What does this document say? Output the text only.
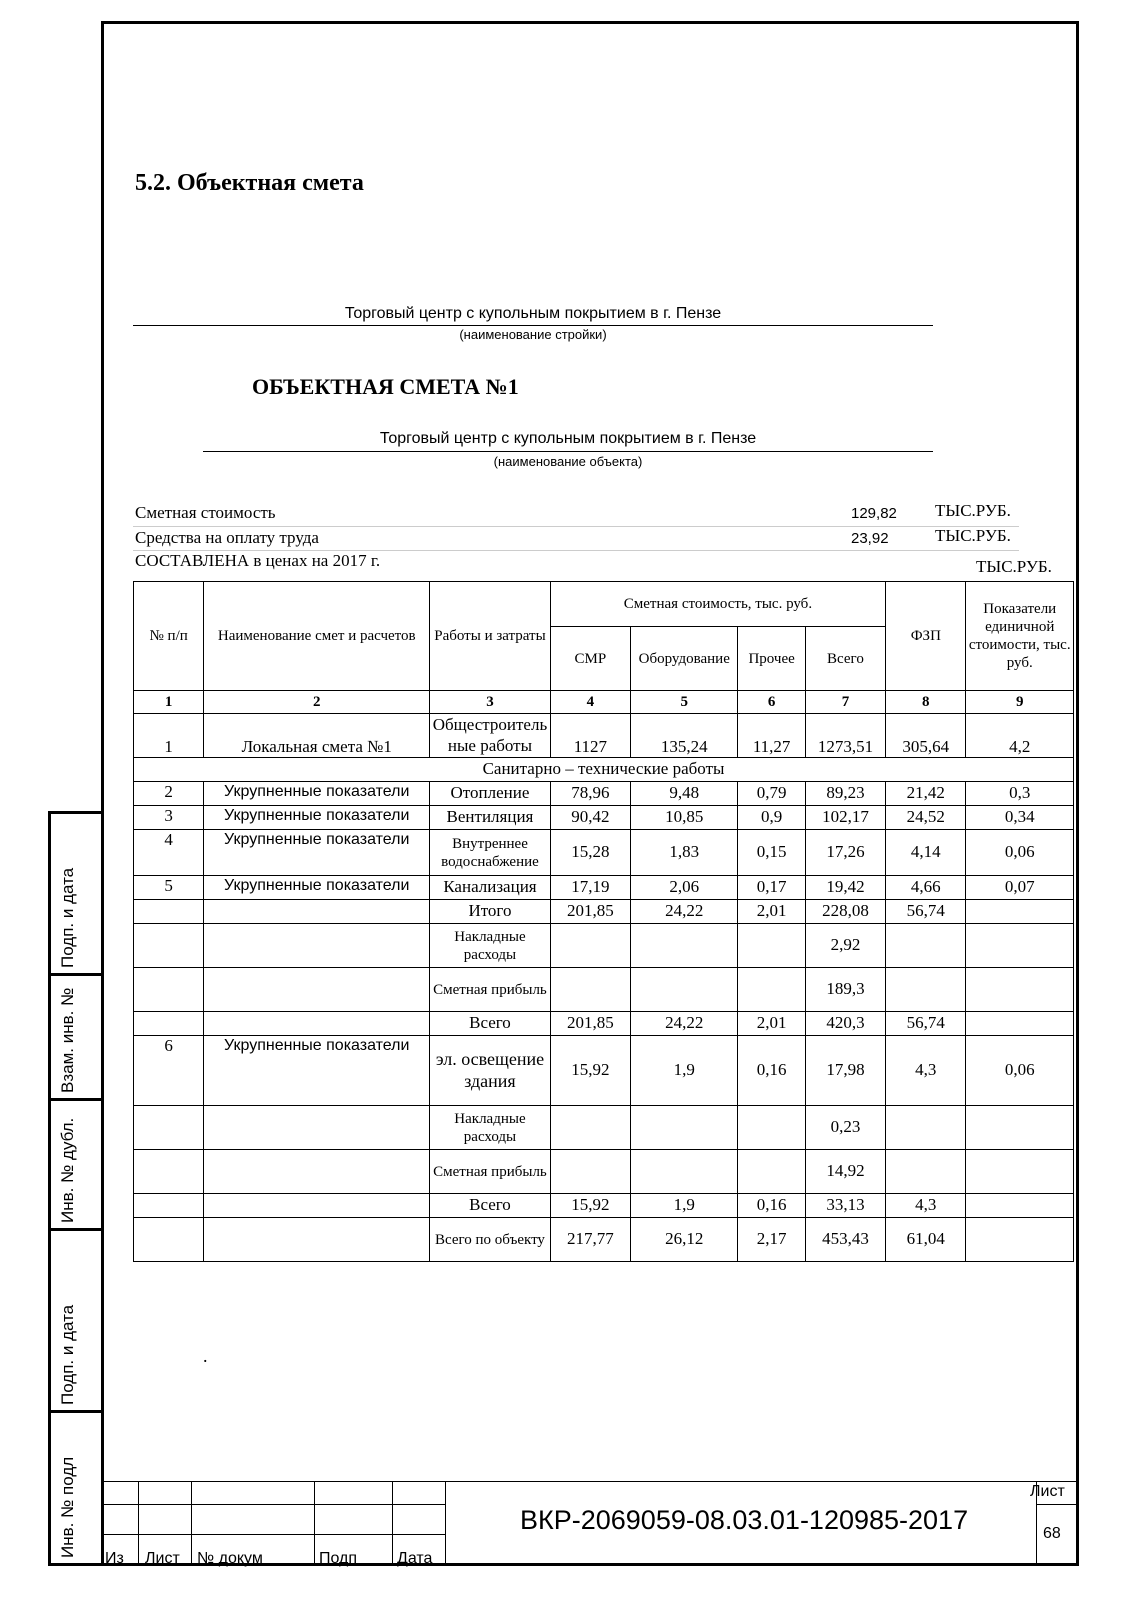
Подп. и дата
Взам. инв. №
Инв. № дубл.
Подп. и дата
Инв. № подл
5.2. Объектная смета
Торговый центр с купольным покрытием в г. Пензе
(наименование стройки)
ОБЪЕКТНАЯ СМЕТА №1
Торговый центр с купольным покрытием в г. Пензе
(наименование объекта)
Сметная стоимость	129,82 ТЫС.РУБ.
Средства на оплату труда	23,92	ТЫС.РУБ.
СОСТАВЛЕНА в ценах на 2017 г.	ТЫС.РУБ.
№ п/п	Наименование смет и расчетов	Работы и затраты	Сметная стоимость, тыс. руб.				ФЗП	Показатели единичной стоимости, тыс. руб.
			СМР	Оборудование	Прочее	Всего		
1	2	3	4	5	6	7	8	9
1	Локальная смета №1	Общестроительные работы	1127	135,24	11,27	1273,51	305,64	4,2
Санитарно – технические работы								
2	Укрупненные показатели	Отопление	78,96	9,48	0,79	89,23	21,42	0,3
3	Укрупненные показатели	Вентиляция	90,42	10,85	0,9	102,17	24,52	0,34
4	Укрупненные показатели	Внутреннее водоснабжение	15,28	1,83	0,15	17,26	4,14	0,06
5	Укрупненные показатели	Канализация	17,19	2,06	0,17	19,42	4,66	0,07
		Итого	201,85	24,22	2,01	228,08	56,74	
		Накладные расходы				2,92		
		Сметная прибыль				189,3		
		Всего	201,85	24,22	2,01	420,3	56,74	
6	Укрупненные показатели	эл. освещение здания	15,92	1,9	0,16	17,98	4,3	0,06
		Накладные расходы				0,23		
		Сметная прибыль				14,92		
		Всего	15,92	1,9	0,16	33,13	4,3	
		Всего по объекту	217,77	26,12	2,17	453,43	61,04	
.
Из Лист № докум	Подп Дата
Лист
68
ВКР-2069059-08.03.01-120985-2017
